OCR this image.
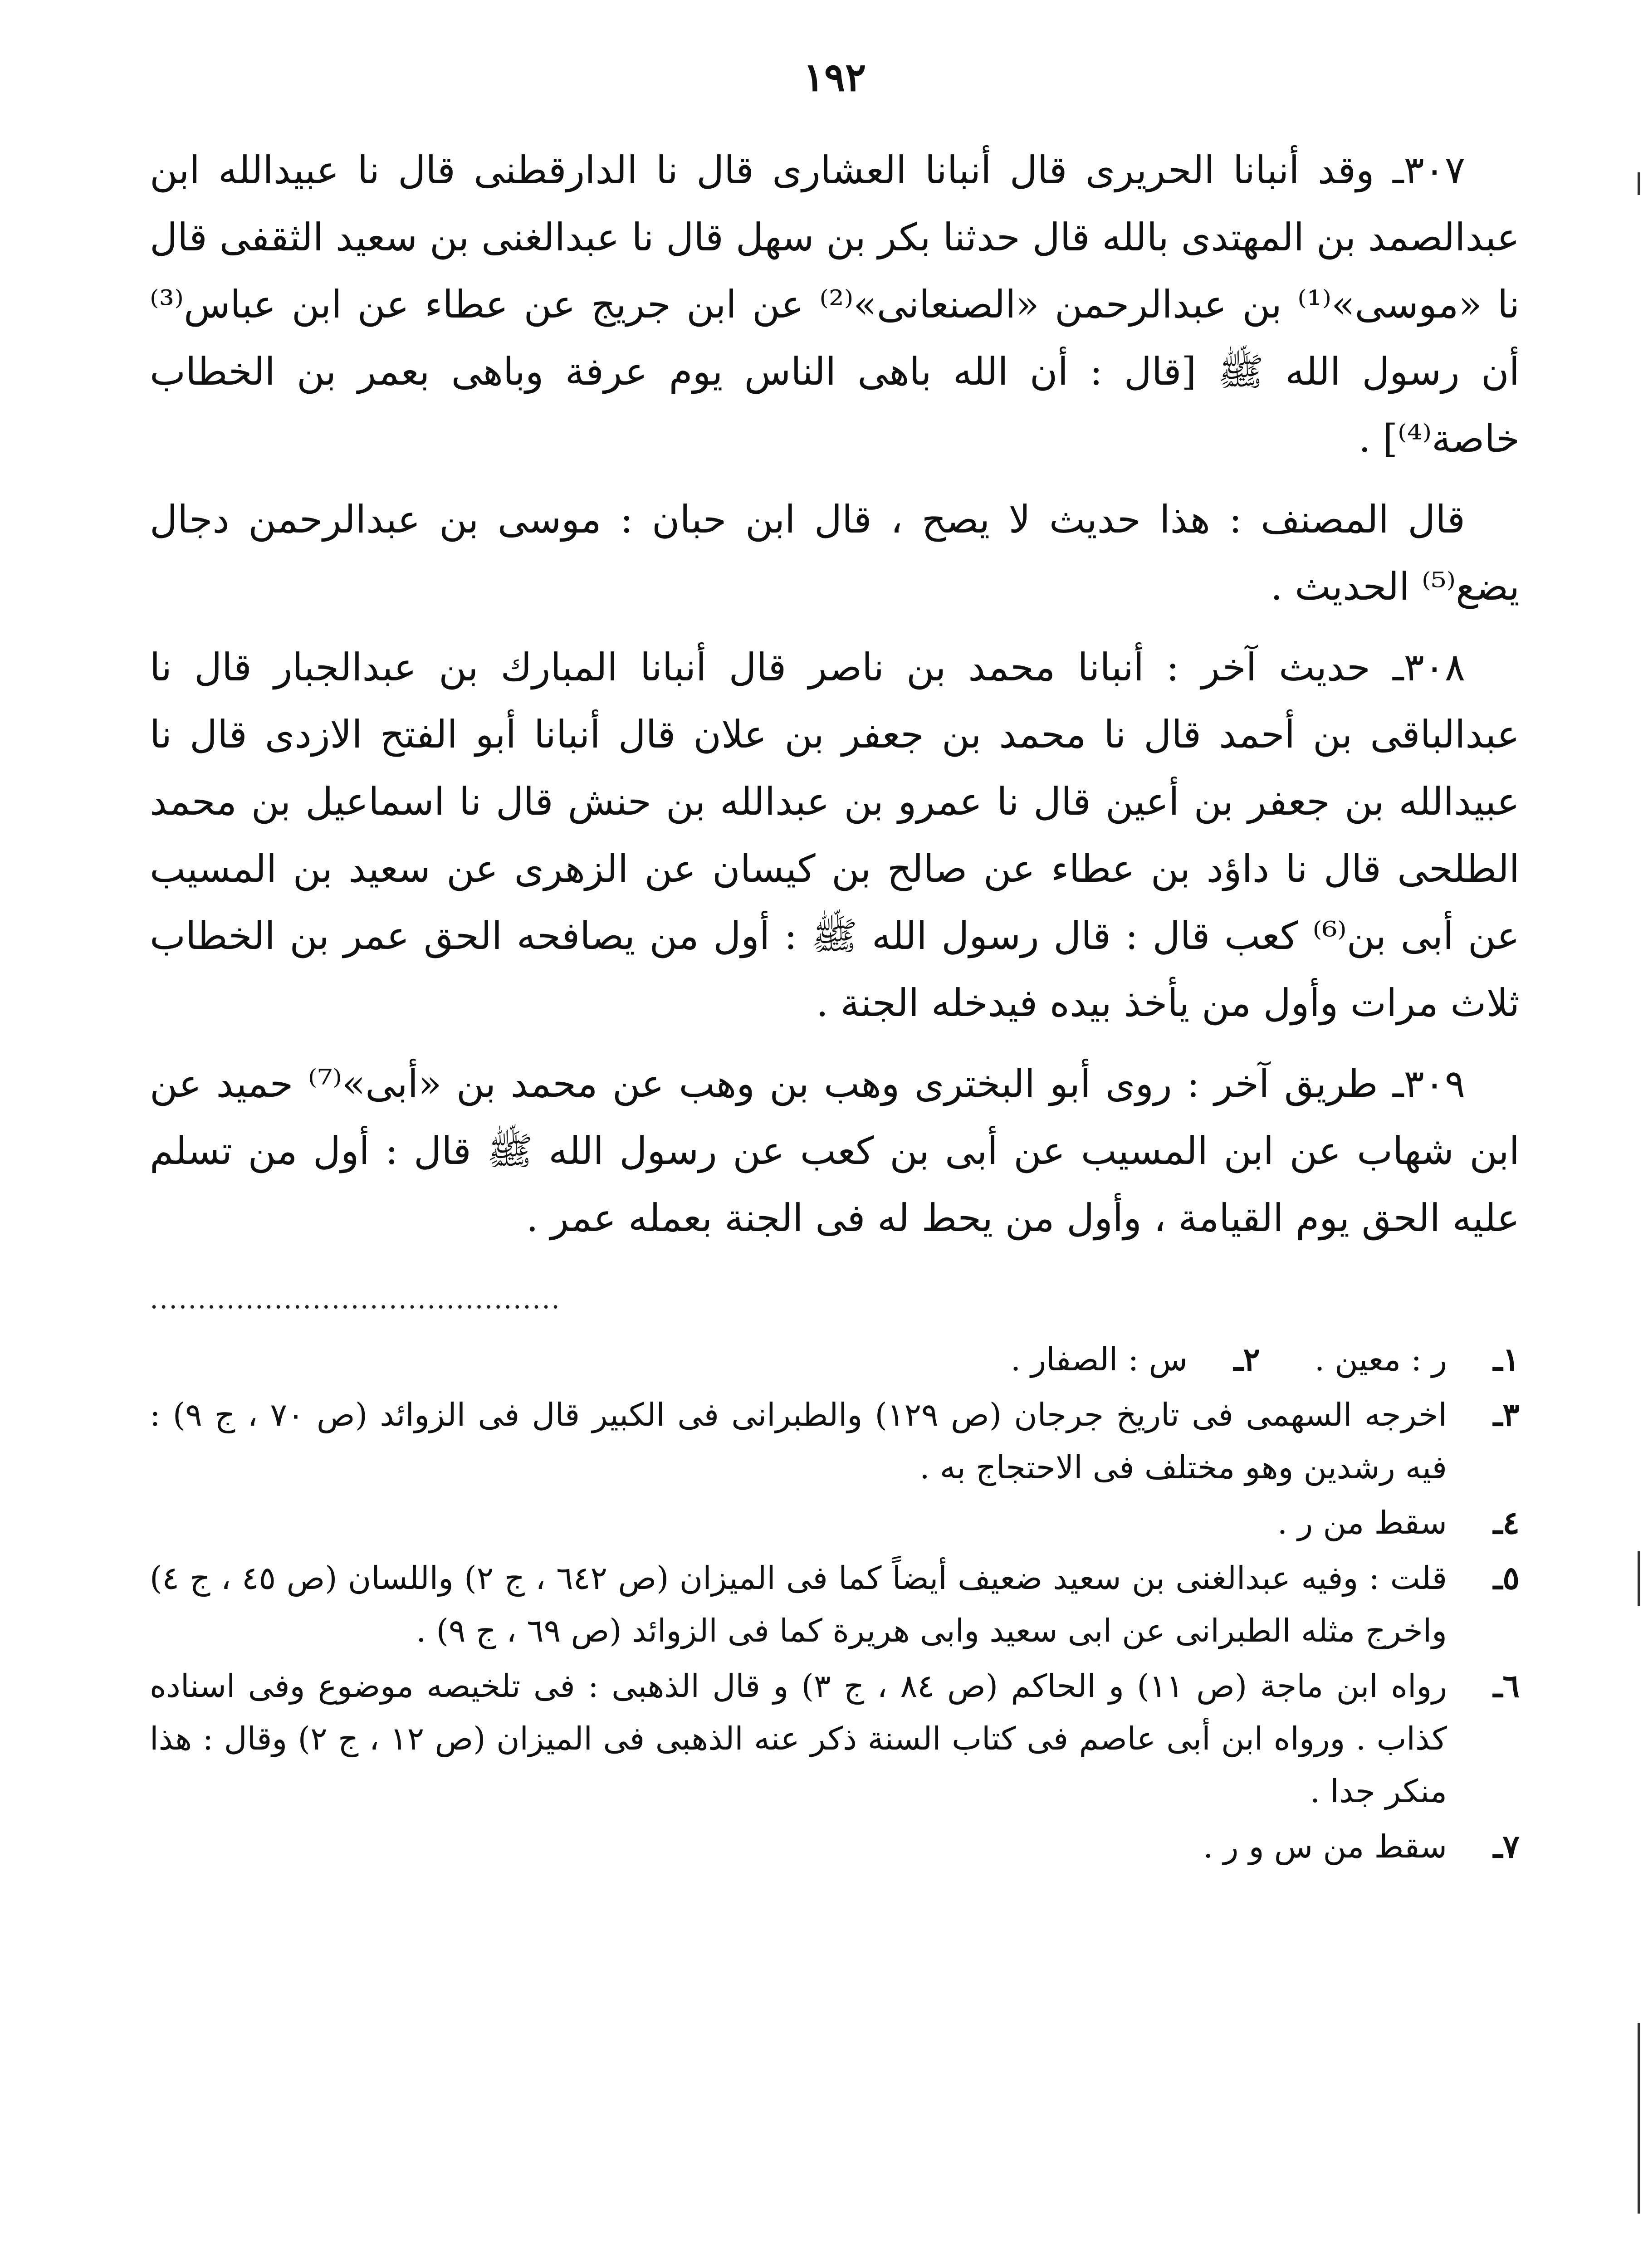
١٩٢

٣٠٧ـ وقد أنبانا الحريرى قال أنبانا العشارى قال نا الدارقطنى قال نا عبيدالله ابن عبدالصمد بن المهتدى بالله قال حدثنا بكر بن سهل قال نا عبدالغنى بن سعيد الثقفى قال نا «موسى»⁽¹⁾ بن عبدالرحمن «الصنعانى»⁽²⁾ عن ابن جريج عن عطاء عن ابن عباس⁽³⁾ أن رسول الله ﷺ [قال : أن الله باهى الناس يوم عرفة وباهى بعمر بن الخطاب خاصة⁽⁴⁾] .

قال المصنف : هذا حديث لا يصح ، قال ابن حبان : موسى بن عبدالرحمن دجال يضع⁽⁵⁾ الحديث .

٣٠٨ـ حديث آخر : أنبانا محمد بن ناصر قال أنبانا المبارك بن عبدالجبار قال نا عبدالباقى بن أحمد قال نا محمد بن جعفر بن علان قال أنبانا أبو الفتح الازدى قال نا عبيدالله بن جعفر بن أعين قال نا عمرو بن عبدالله بن حنش قال نا اسماعيل بن محمد الطلحى قال نا داؤد بن عطاء عن صالح بن كيسان عن الزهرى عن سعيد بن المسيب عن أبى بن⁽⁶⁾ كعب قال : قال رسول الله ﷺ : أول من يصافحه الحق عمر بن الخطاب ثلاث مرات وأول من يأخذ بيده فيدخله الجنة .

٣٠٩ـ طريق آخر : روى أبو البخترى وهب بن وهب عن محمد بن «أبى»⁽⁷⁾ حميد عن ابن شهاب عن ابن المسيب عن أبى بن كعب عن رسول الله ﷺ قال : أول من تسلم عليه الحق يوم القيامة ، وأول من يحط له فى الجنة بعمله عمر .

...........................................
١ـ
ر : معين .
٢ـ
س : الصفار .
٣ـ
اخرجه السهمى فى تاريخ جرجان (ص ١٢٩) والطبرانى فى الكبير قال فى الزوائد (ص ٧٠ ، ج ٩) : فيه رشدين وهو مختلف فى الاحتجاج به .
٤ـ
سقط من ر .
٥ـ
قلت : وفيه عبدالغنى بن سعيد ضعيف أيضاً كما فى الميزان (ص ٦٤٢ ، ج ٢) واللسان (ص ٤٥ ، ج ٤) واخرج مثله الطبرانى عن ابى سعيد وابى هريرة كما فى الزوائد (ص ٦٩ ، ج ٩) .
٦ـ
رواه ابن ماجة (ص ١١) و الحاكم (ص ٨٤ ، ج ٣) و قال الذهبى : فى تلخيصه موضوع وفى اسناده كذاب . ورواه ابن أبى عاصم فى كتاب السنة ذكر عنه الذهبى فى الميزان (ص ١٢ ، ج ٢) وقال : هذا منكر جدا .
٧ـ
سقط من س و ر .
